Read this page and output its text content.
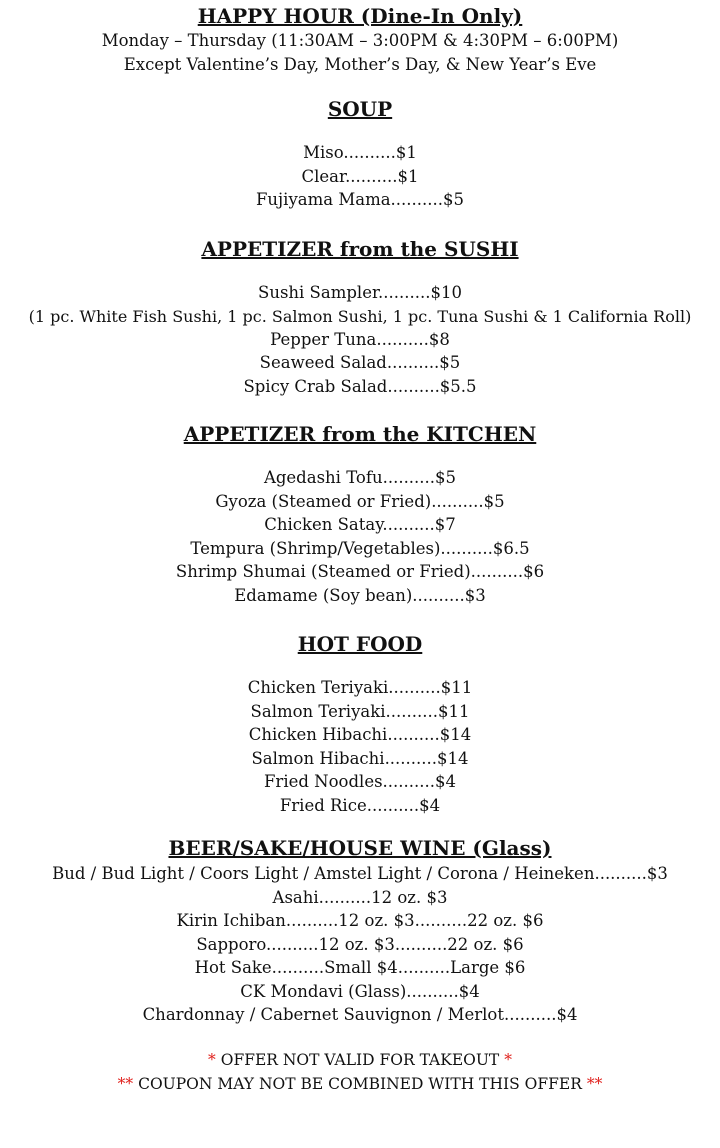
HAPPY HOUR (Dine-In Only)
Monday – Thursday (11:30AM – 3:00PM & 4:30PM – 6:00PM)
Except Valentine’s Day, Mother’s Day, & New Year’s Eve
SOUP
Miso..........$1
Clear..........$1
Fujiyama Mama..........$5
APPETIZER from the SUSHI
Sushi Sampler..........$10
(1 pc. White Fish Sushi, 1 pc. Salmon Sushi, 1 pc. Tuna Sushi & 1 California Roll)
Pepper Tuna..........$8
Seaweed Salad..........$5
Spicy Crab Salad..........$5.5
APPETIZER from the KITCHEN
Agedashi Tofu..........$5
Gyoza (Steamed or Fried)..........$5
Chicken Satay..........$7
Tempura (Shrimp/Vegetables)..........$6.5
Shrimp Shumai (Steamed or Fried)..........$6
Edamame (Soy bean)..........$3
HOT FOOD
Chicken Teriyaki..........$11
Salmon Teriyaki..........$11
Chicken Hibachi..........$14
Salmon Hibachi..........$14
Fried Noodles..........$4
Fried Rice..........$4
BEER/SAKE/HOUSE WINE (Glass)
Bud / Bud Light / Coors Light / Amstel Light / Corona / Heineken..........$3
Asahi..........12 oz. $3
Kirin Ichiban..........12 oz. $3..........22 oz. $6
Sapporo..........12 oz. $3..........22 oz. $6
Hot Sake..........Small $4..........Large $6
CK Mondavi (Glass)..........$4
Chardonnay / Cabernet Sauvignon / Merlot..........$4
* OFFER NOT VALID FOR TAKEOUT *
** COUPON MAY NOT BE COMBINED WITH THIS OFFER **
